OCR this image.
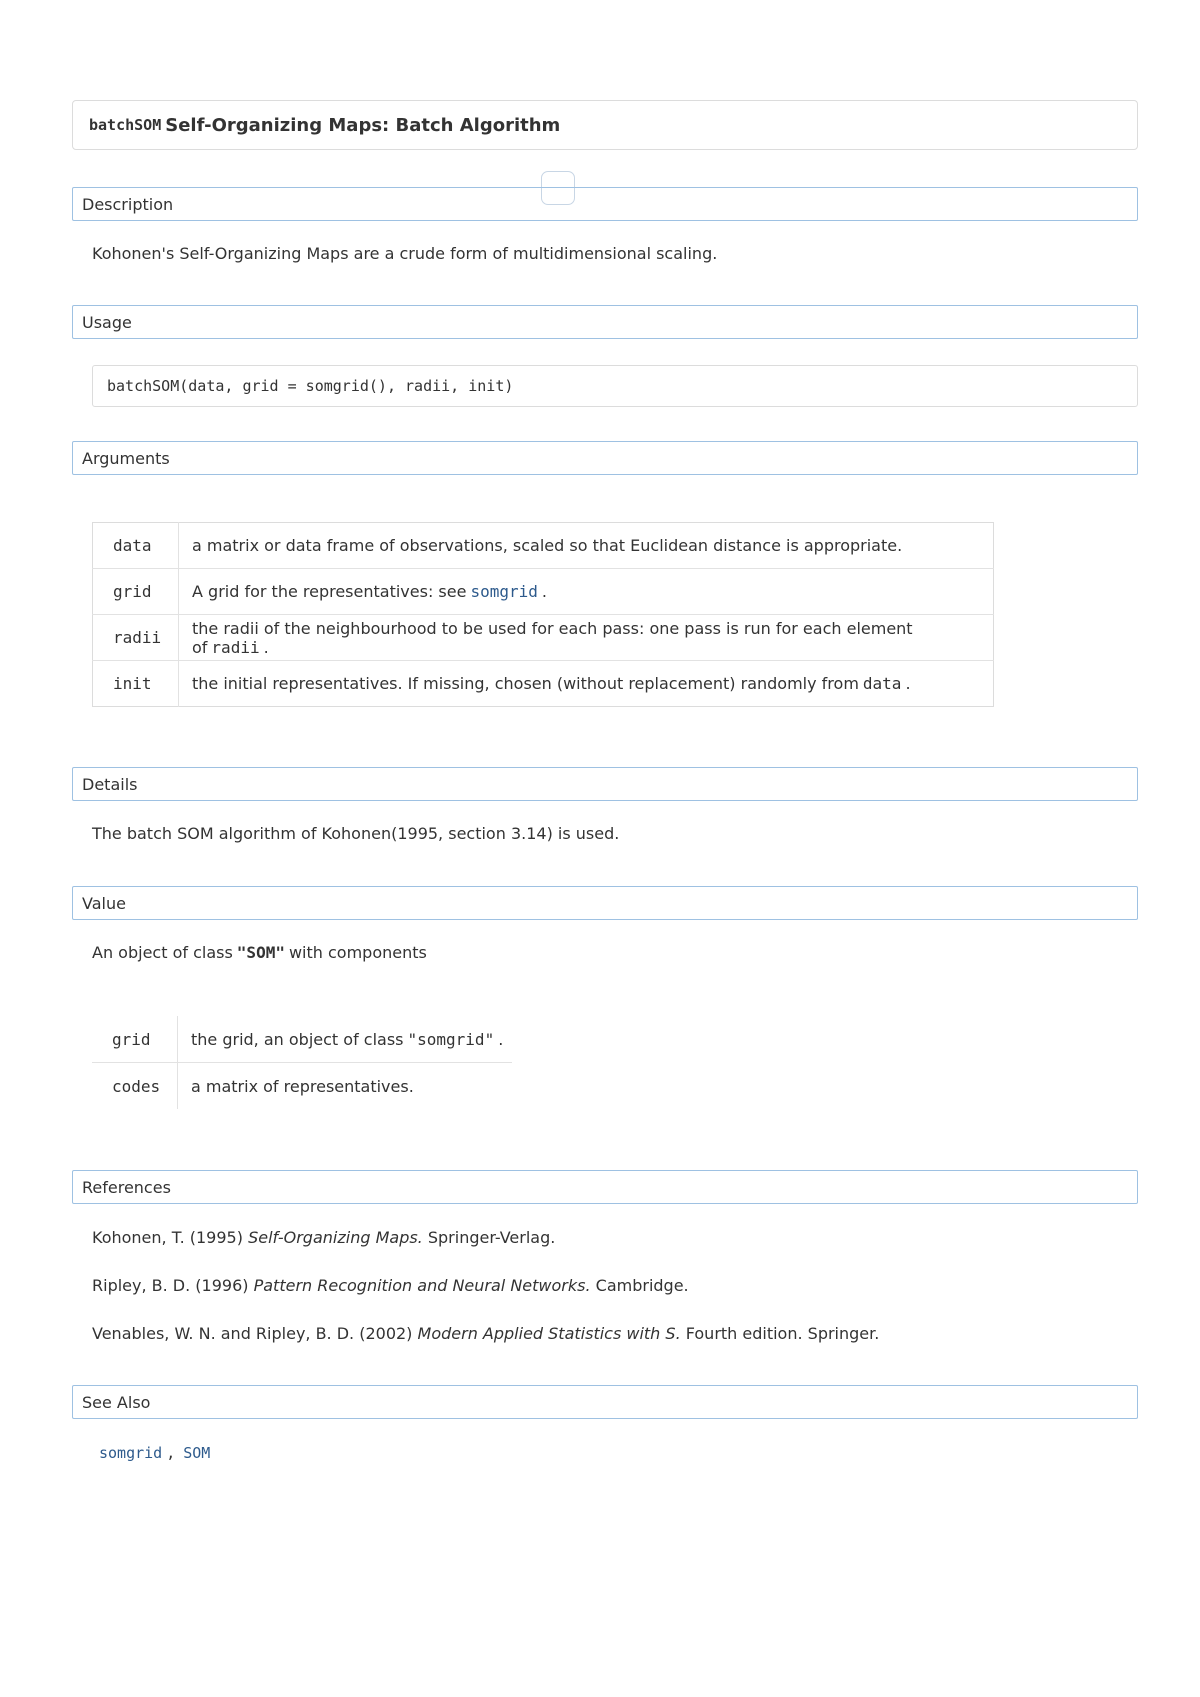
batchSOM Self-Organizing Maps: Batch Algorithm
Description
Kohonen's Self-Organizing Maps are a crude form of multidimensional scaling.
Usage
batchSOM(data, grid = somgrid(), radii, init)
Arguments
data	a matrix or data frame of observations, scaled so that Euclidean distance is appropriate.
grid	A grid for the representatives: see somgrid .
radii	the radii of the neighbourhood to be used for each pass: one pass is run for each element of radii .
init	the initial representatives. If missing, chosen (without replacement) randomly from data .
Details
The batch SOM algorithm of Kohonen(1995, section 3.14) is used.
Value
An object of class "SOM" with components
grid	the grid, an object of class "somgrid" .
codes	a matrix of representatives.
References
Kohonen, T. (1995) Self-Organizing Maps. Springer-Verlag.
Ripley, B. D. (1996) Pattern Recognition and Neural Networks. Cambridge.
Venables, W. N. and Ripley, B. D. (2002) Modern Applied Statistics with S. Fourth edition. Springer.
See Also
somgrid , SOM
